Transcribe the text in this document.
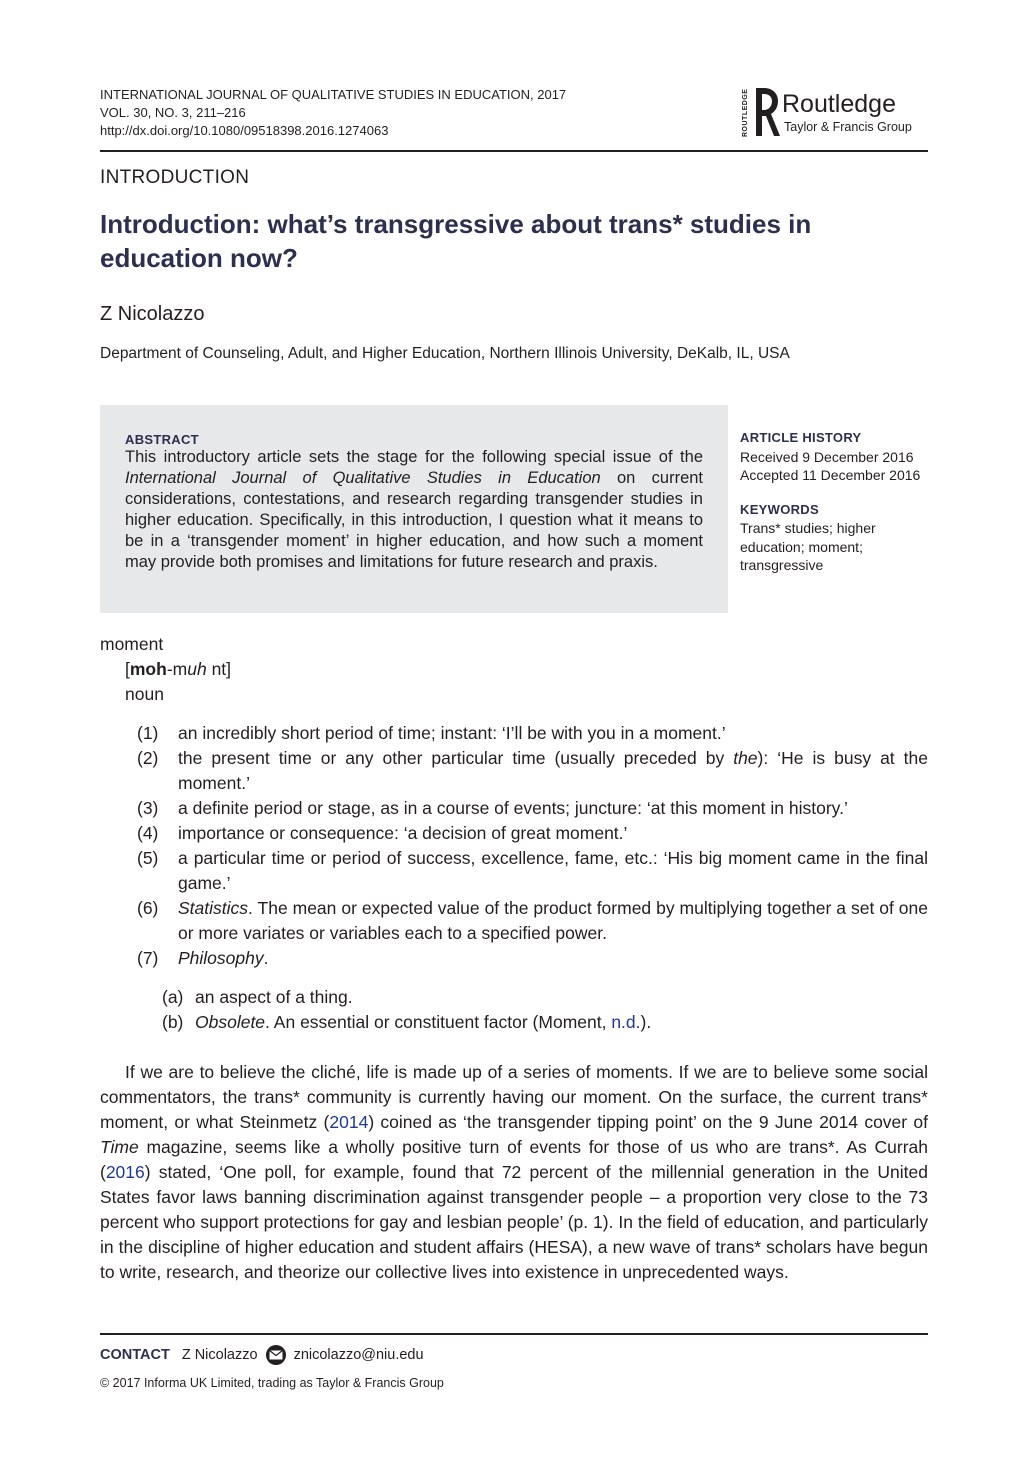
INTERNATIONAL JOURNAL OF QUALITATIVE STUDIES IN EDUCATION, 2017
VOL. 30, NO. 3, 211–216
http://dx.doi.org/10.1080/09518398.2016.1274063	ROUTLEDGE Routledge
Taylor & Francis Group
INTRODUCTION
Introduction: what’s transgressive about trans* studies in education now?
Z Nicolazzo
Department of Counseling, Adult, and Higher Education, Northern Illinois University, DeKalb, IL, USA
ABSTRACT

This introductory article sets the stage for the following special issue of the International Journal of Qualitative Studies in Education on current considerations, contestations, and research regarding transgender studies in higher education. Specifically, in this introduction, I question what it means to be in a ‘transgender moment’ in higher education, and how such a moment may provide both promises and limitations for future research and praxis.

ARTICLE HISTORY
Received 9 December 2016
Accepted 11 December 2016
KEYWORDS
Trans* studies; higher education; moment; transgressive
moment
[moh-muh nt]
noun
(1) an incredibly short period of time; instant: ‘I’ll be with you in a moment.’
(2) the present time or any other particular time (usually preceded by the): ‘He is busy at the moment.’
(3) a definite period or stage, as in a course of events; juncture: ‘at this moment in history.’
(4) importance or consequence: ‘a decision of great moment.’
(5) a particular time or period of success, excellence, fame, etc.: ‘His big moment came in the final game.’
(6) Statistics. The mean or expected value of the product formed by multiplying together a set of one or more variates or variables each to a specified power.
(7) Philosophy.
(a) an aspect of a thing.
(b) Obsolete. An essential or constituent factor (Moment, n.d.).

If we are to believe the cliché, life is made up of a series of moments. If we are to believe some social commentators, the trans* community is currently having our moment. On the surface, the current trans* moment, or what Steinmetz (2014) coined as ‘the transgender tipping point’ on the 9 June 2014 cover of Time magazine, seems like a wholly positive turn of events for those of us who are trans*. As Currah (2016) stated, ‘One poll, for example, found that 72 percent of the millennial generation in the United States favor laws banning discrimination against transgender people – a proportion very close to the 73 percent who support protections for gay and lesbian people’ (p. 1). In the field of education, and particularly in the discipline of higher education and student affairs (HESA), a new wave of trans* scholars have begun to write, research, and theorize our collective lives into existence in unprecedented ways.

CONTACT Z Nicolazzo znicolazzo@niu.edu
© 2017 Informa UK Limited, trading as Taylor & Francis Group
